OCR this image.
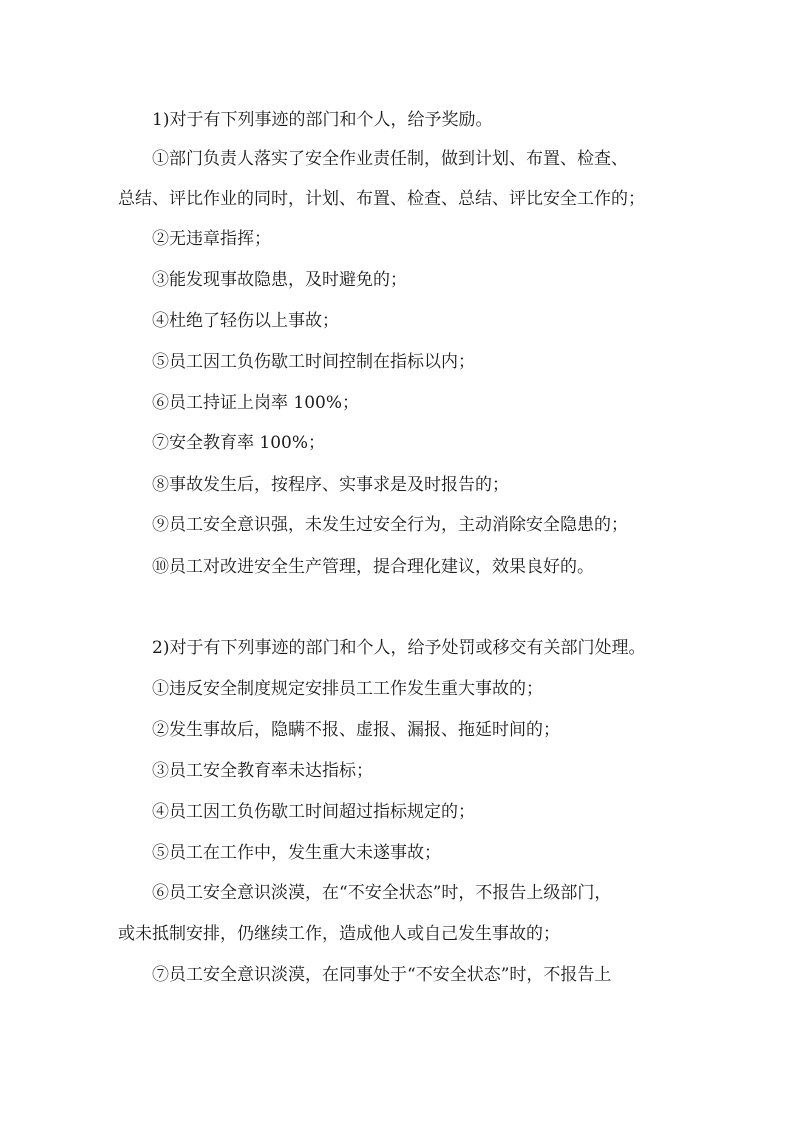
1)对于有下列事迹的部门和个人，给予奖励。
①部门负责人落实了安全作业责任制，做到计划、布置、检查、
总结、评比作业的同时，计划、布置、检查、总结、评比安全工作的；
②无违章指挥；
③能发现事故隐患，及时避免的；
④杜绝了轻伤以上事故；
⑤员工因工负伤歇工时间控制在指标以内；
⑥员工持证上岗率 100%；
⑦安全教育率 100%；
⑧事故发生后，按程序、实事求是及时报告的；
⑨员工安全意识强，未发生过安全行为，主动消除安全隐患的；
⑩员工对改进安全生产管理，提合理化建议，效果良好的。
2)对于有下列事迹的部门和个人，给予处罚或移交有关部门处理。
①违反安全制度规定安排员工工作发生重大事故的；
②发生事故后，隐瞒不报、虚报、漏报、拖延时间的；
③员工安全教育率未达指标；
④员工因工负伤歇工时间超过指标规定的；
⑤员工在工作中，发生重大未遂事故；
⑥员工安全意识淡漠，在“不安全状态”时，不报告上级部门，
或未抵制安排，仍继续工作，造成他人或自己发生事故的；
⑦员工安全意识淡漠，在同事处于“不安全状态”时，不报告上
